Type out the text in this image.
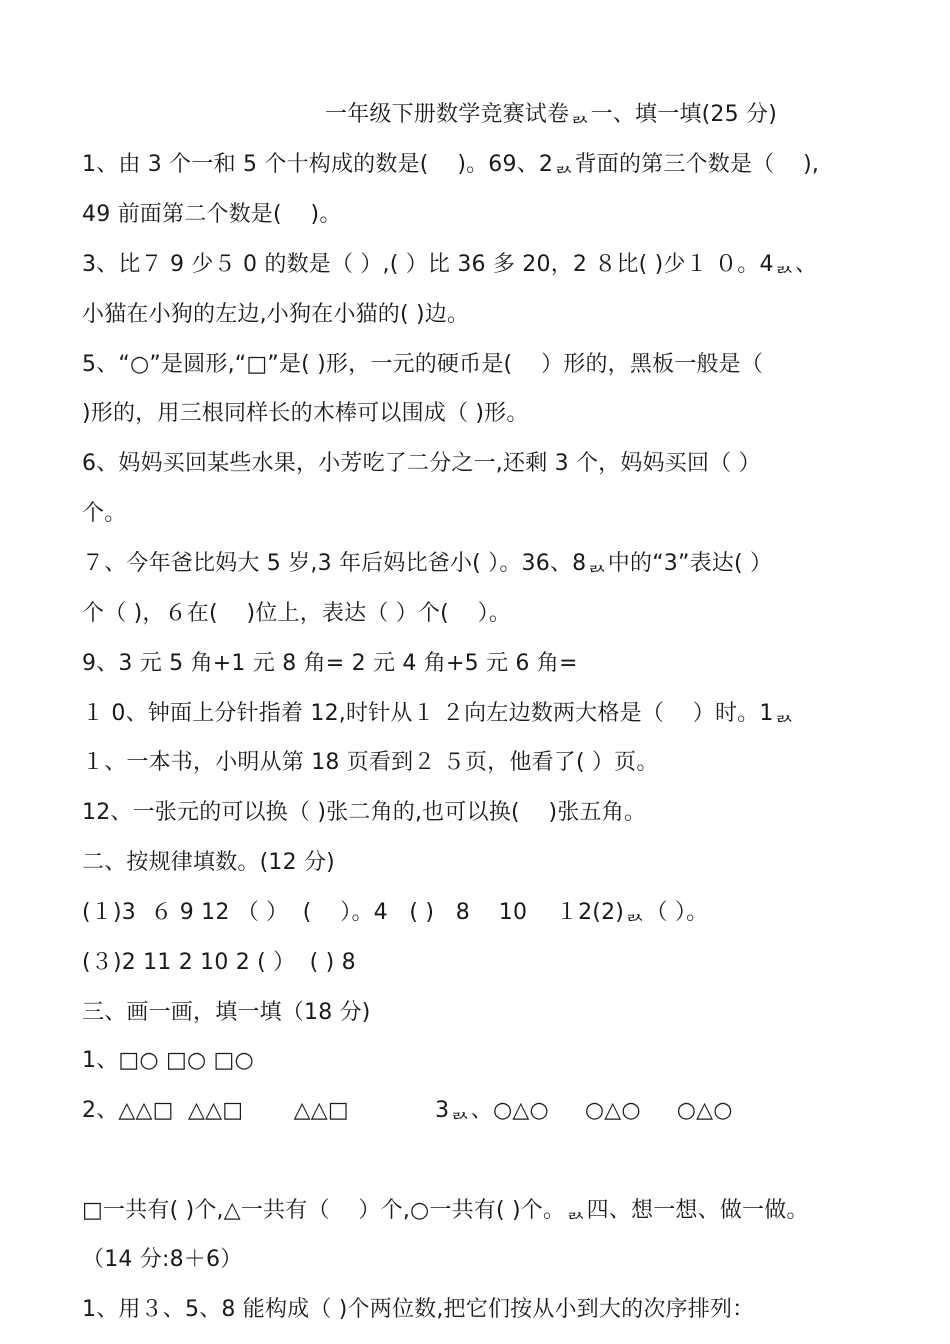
一年级下册数学竞赛试卷ᆳ一、填一填(25 分)
1、由 3 个一和 5 个十构成的数是(    )。69、2ᆳ背面的第三个数是（    ),
49 前面第二个数是(    )。
3、比７ 9 少５ 0 的数是（ ）,( ）比 36 多 20，2 ８比( )少１ ０。4ᆳ、
小猫在小狗的左边,小狗在小猫的( )边。
5、“○”是圆形,“□”是( )形，一元的硬币是(    ）形的，黑板一般是（
)形的，用三根同样长的木棒可以围成（ )形。
6、妈妈买回某些水果，小芳吃了二分之一,还剩 3 个，妈妈买回（ ）
个。
７、今年爸比妈大 5 岁,3 年后妈比爸小( ）。36、8ᆳ中的“3”表达( ）
个（ )，６在(    )位上，表达（ ）个(    ）。
9、3 元 5 角+1 元 8 角= 2 元 4 角+5 元 6 角=
１ 0、钟面上分针指着 12,时针从１ ２向左边数两大格是（    ）时。1ᆳ
１、一本书，小明从第 18 页看到２ ５页，他看了( ）页。
12、一张元的可以换（ )张二角的,也可以换(    )张五角。
二、按规律填数。(12 分)
(１)3  ６ 9 12 （ ）  (    ）。4   ( )   8    10    １2(2)ᆳ（ ）。
(３)2 11 2 10 2 ( ）  ( ) 8
三、画一画，填一填（18 分)
1、□○ □○ □○
2、△△□  △△□       △△□            3ᆳ、○△○     ○△○     ○△○
□一共有( )个,△一共有（    ）个,○一共有( )个。ᆳ四、想一想、做一做。
（14 分:8＋6）
1、用３、5、8 能构成（ )个两位数,把它们按从小到大的次序排列：
